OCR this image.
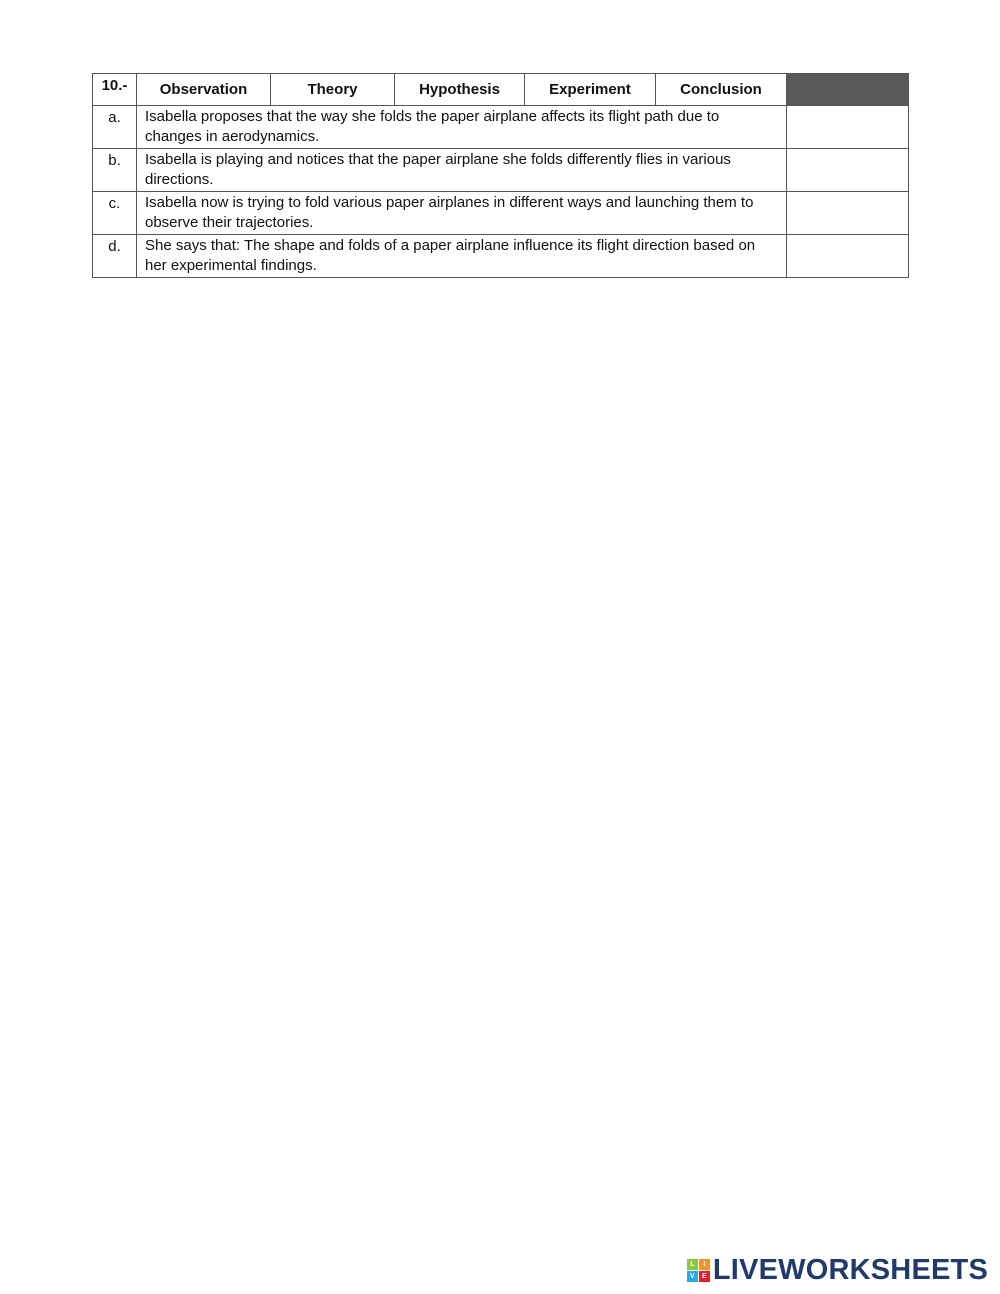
10.-	Observation	Theory	Hypothesis	Experiment	Conclusion	
a.	Isabella proposes that the way she folds the paper airplane affects its flight path due to changes in aerodynamics.					
b.	Isabella is playing and notices that the paper airplane she folds differently flies in various directions.					
c.	Isabella now is trying to fold various paper airplanes in different ways and launching them to observe their trajectories.					
d.	She says that: The shape and folds of a paper airplane influence its flight direction based on her experimental findings.					
L	I
V	E LIVEWORKSHEETS
